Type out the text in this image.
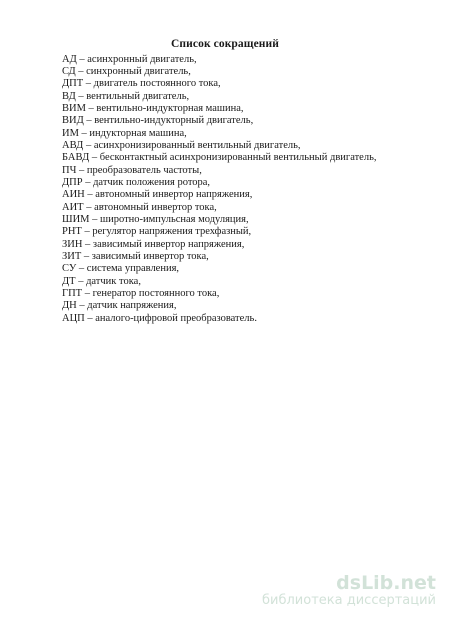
Список сокращений
АД – асинхронный двигатель,
СД – синхронный двигатель,
ДПТ – двигатель постоянного тока,
ВД – вентильный двигатель,
ВИМ – вентильно-индукторная машина,
ВИД – вентильно-индукторный двигатель,
ИМ – индукторная машина,
АВД – асинхронизированный вентильный двигатель,
БАВД – бесконтактный асинхронизированный вентильный двигатель,
ПЧ – преобразователь частоты,
ДПР – датчик положения ротора,
АИН – автономный инвертор напряжения,
АИТ – автономный инвертор тока,
ШИМ – широтно-импульсная модуляция,
РНТ – регулятор напряжения трехфазный,
ЗИН – зависимый инвертор напряжения,
ЗИТ – зависимый инвертор тока,
СУ – система управления,
ДТ – датчик тока,
ГПТ – генератор постоянного тока,
ДН – датчик напряжения,
АЦП – аналого-цифровой преобразователь.
dsLib.net
библиотека диссертаций
